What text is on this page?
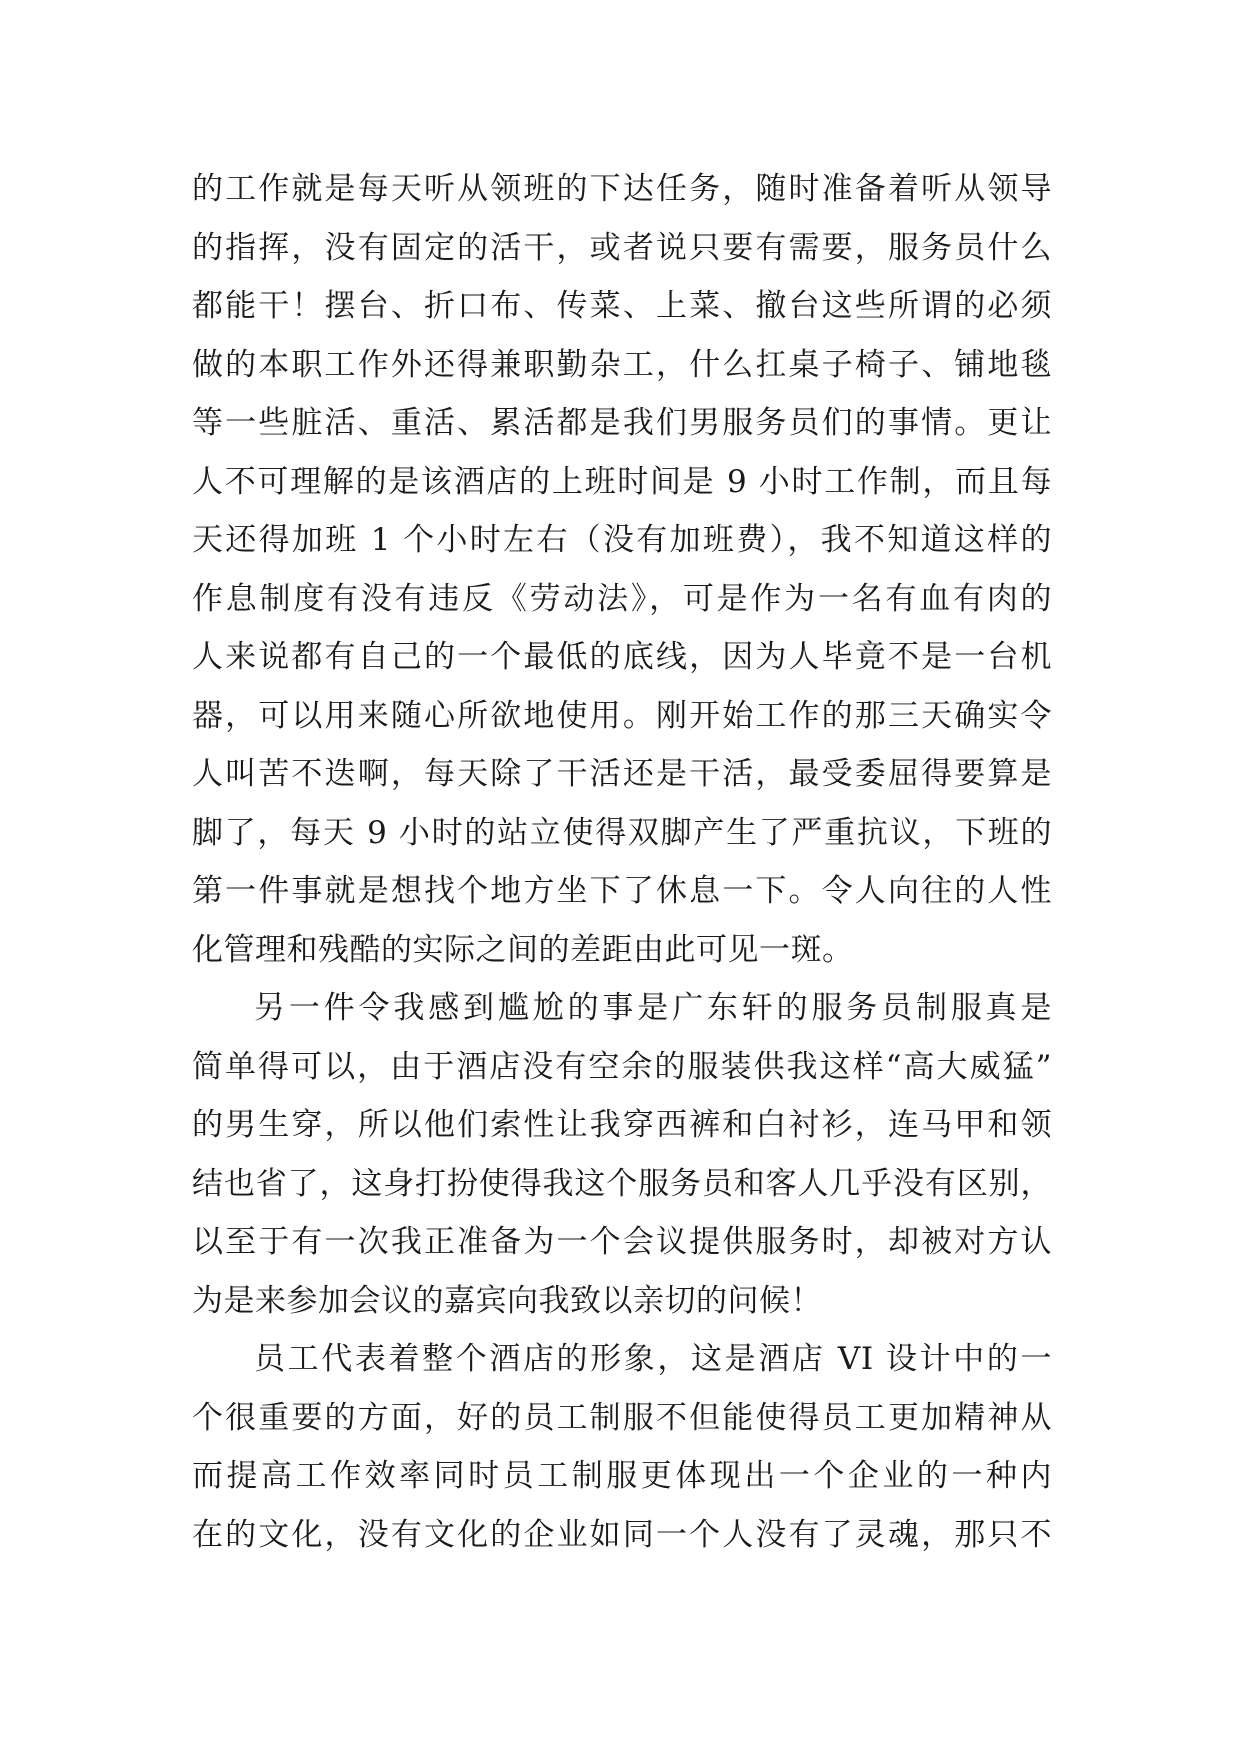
的工作就是每天听从领班的下达任务，随时准备着听从领导
的指挥，没有固定的活干，或者说只要有需要，服务员什么
都能干！摆台、折口布、传菜、上菜、撤台这些所谓的必须
做的本职工作外还得兼职勤杂工，什么扛桌子椅子、铺地毯
等一些脏活、重活、累活都是我们男服务员们的事情。更让
人不可理解的是该酒店的上班时间是 9 小时工作制，而且每
天还得加班 1 个小时左右（没有加班费），我不知道这样的
作息制度有没有违反《劳动法》，可是作为一名有血有肉的
人来说都有自己的一个最低的底线，因为人毕竟不是一台机
器，可以用来随心所欲地使用。刚开始工作的那三天确实令
人叫苦不迭啊，每天除了干活还是干活，最受委屈得要算是
脚了，每天 9 小时的站立使得双脚产生了严重抗议，下班的
第一件事就是想找个地方坐下了休息一下。令人向往的人性
化管理和残酷的实际之间的差距由此可见一斑。
另一件令我感到尴尬的事是广东轩的服务员制服真是
简单得可以，由于酒店没有空余的服装供我这样“高大威猛”
的男生穿，所以他们索性让我穿西裤和白衬衫，连马甲和领
结也省了，这身打扮使得我这个服务员和客人几乎没有区别，
以至于有一次我正准备为一个会议提供服务时，却被对方认
为是来参加会议的嘉宾向我致以亲切的问候！
员工代表着整个酒店的形象，这是酒店 VI 设计中的一
个很重要的方面，好的员工制服不但能使得员工更加精神从
而提高工作效率同时员工制服更体现出一个企业的一种内
在的文化，没有文化的企业如同一个人没有了灵魂，那只不
